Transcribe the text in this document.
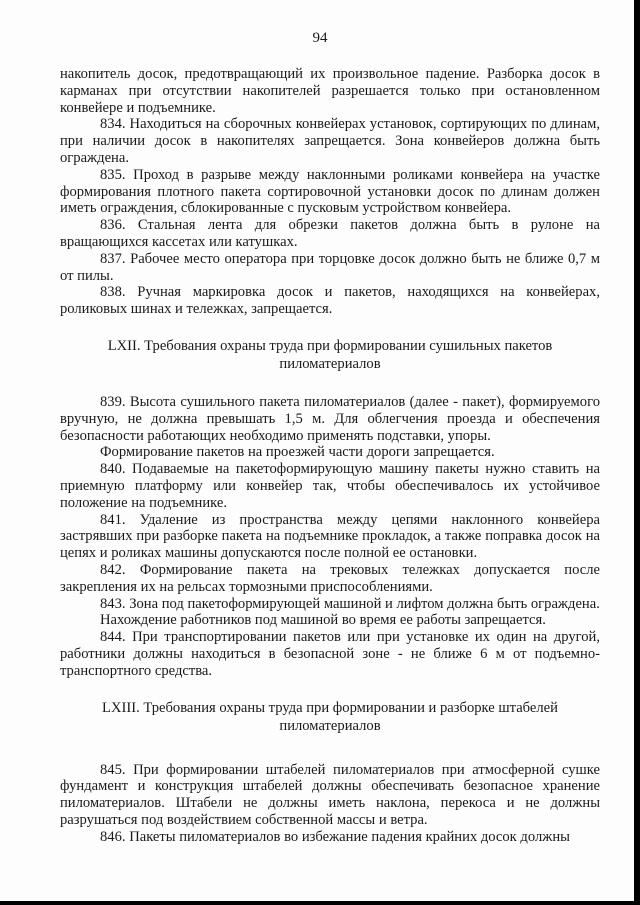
94

накопитель досок, предотвращающий их произвольное падение. Разборка досок в карманах при отсутствии накопителей разрешается только при остановленном конвейере и подъемнике.

834. Находиться на сборочных конвейерах установок, сортирующих по длинам, при наличии досок в накопителях запрещается. Зона конвейеров должна быть ограждена.

835. Проход в разрыве между наклонными роликами конвейера на участке формирования плотного пакета сортировочной установки досок по длинам должен иметь ограждения, сблокированные с пусковым устройством конвейера.

836. Стальная лента для обрезки пакетов должна быть в рулоне на вращающихся кассетах или катушках.

837. Рабочее место оператора при торцовке досок должно быть не ближе 0,7 м от пилы.

838. Ручная маркировка досок и пакетов, находящихся на конвейерах, роликовых шинах и тележках, запрещается.

LXII. Требования охраны труда при формировании сушильных пакетов
пиломатериалов

839. Высота сушильного пакета пиломатериалов (далее - пакет), формируемого вручную, не должна превышать 1,5 м. Для облегчения проезда и обеспечения безопасности работающих необходимо применять подставки, упоры.

Формирование пакетов на проезжей части дороги запрещается.

840. Подаваемые на пакетоформирующую машину пакеты нужно ставить на приемную платформу или конвейер так, чтобы обеспечивалось их устойчивое положение на подъемнике.

841. Удаление из пространства между цепями наклонного конвейера застрявших при разборке пакета на подъемнике прокладок, а также поправка досок на цепях и роликах машины допускаются после полной ее остановки.

842. Формирование пакета на трековых тележках допускается после закрепления их на рельсах тормозными приспособлениями.

843. Зона под пакетоформирующей машиной и лифтом должна быть ограждена.

Нахождение работников под машиной во время ее работы запрещается.

844. При транспортировании пакетов или при установке их один на другой, работники должны находиться в безопасной зоне - не ближе 6 м от подъемно-транспортного средства.

LXIII. Требования охраны труда при формировании и разборке штабелей
пиломатериалов

845. При формировании штабелей пиломатериалов при атмосферной сушке фундамент и конструкция штабелей должны обеспечивать безопасное хранение пиломатериалов. Штабели не должны иметь наклона, перекоса и не должны разрушаться под воздействием собственной массы и ветра.

846. Пакеты пиломатериалов во избежание падения крайних досок должны
